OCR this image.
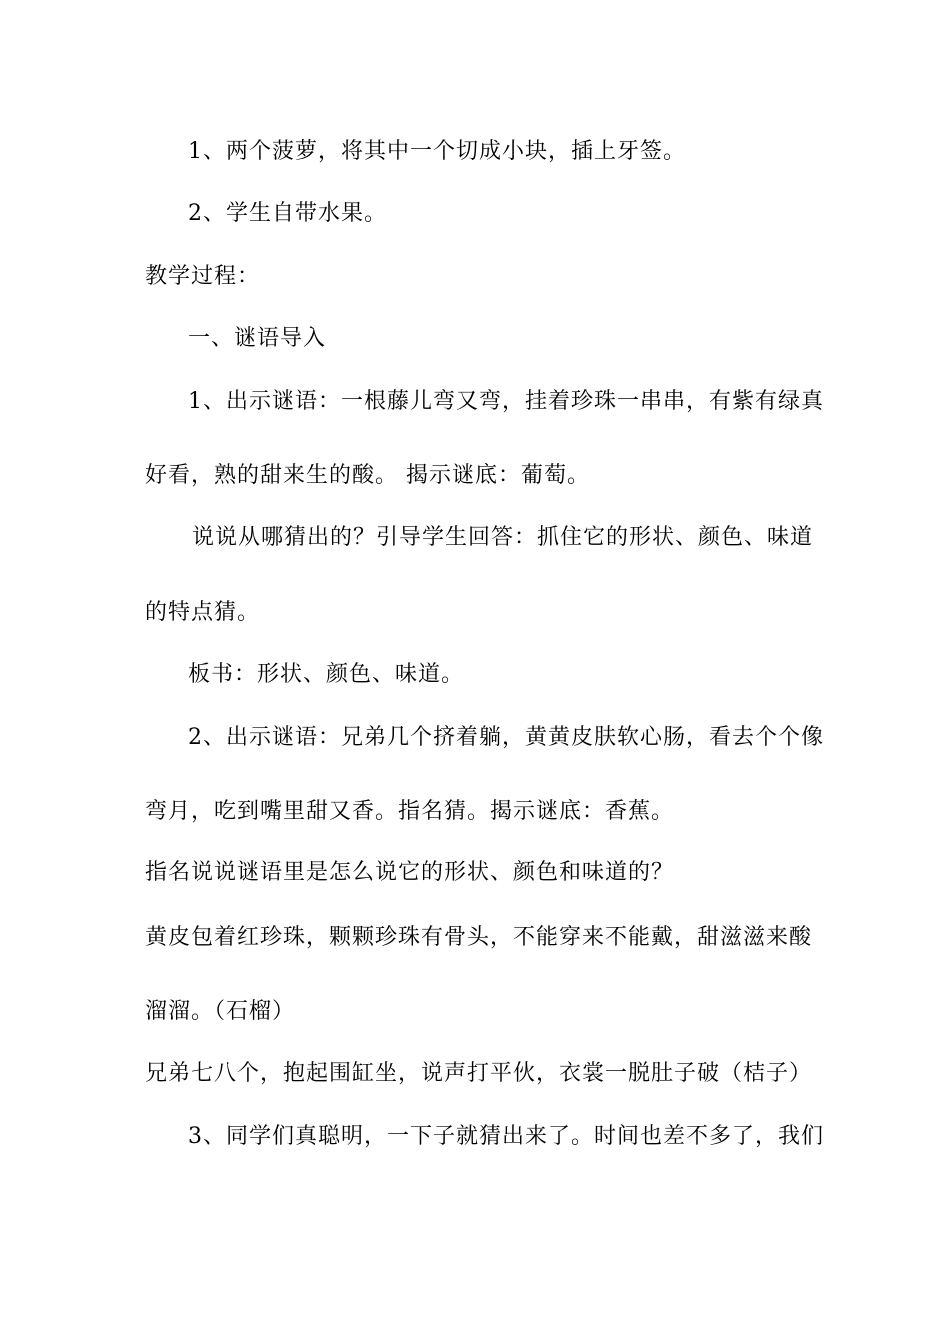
1、两个菠萝，将其中一个切成小块，插上牙签。
2、学生自带水果。
教学过程：
一、谜语导入
1、出示谜语：一根藤儿弯又弯，挂着珍珠一串串，有紫有绿真
好看，熟的甜来生的酸。 揭示谜底：葡萄。
说说从哪猜出的？引导学生回答：抓住它的形状、颜色、味道
的特点猜。
板书：形状、颜色、味道。
2、出示谜语：兄弟几个挤着躺，黄黄皮肤软心肠，看去个个像
弯月，吃到嘴里甜又香。指名猜。揭示谜底：香蕉。
指名说说谜语里是怎么说它的形状、颜色和味道的？
黄皮包着红珍珠，颗颗珍珠有骨头，不能穿来不能戴，甜滋滋来酸
溜溜。（石榴）
兄弟七八个，抱起围缸坐，说声打平伙，衣裳一脱肚子破（桔子）
3、同学们真聪明，一下子就猜出来了。时间也差不多了，我们
